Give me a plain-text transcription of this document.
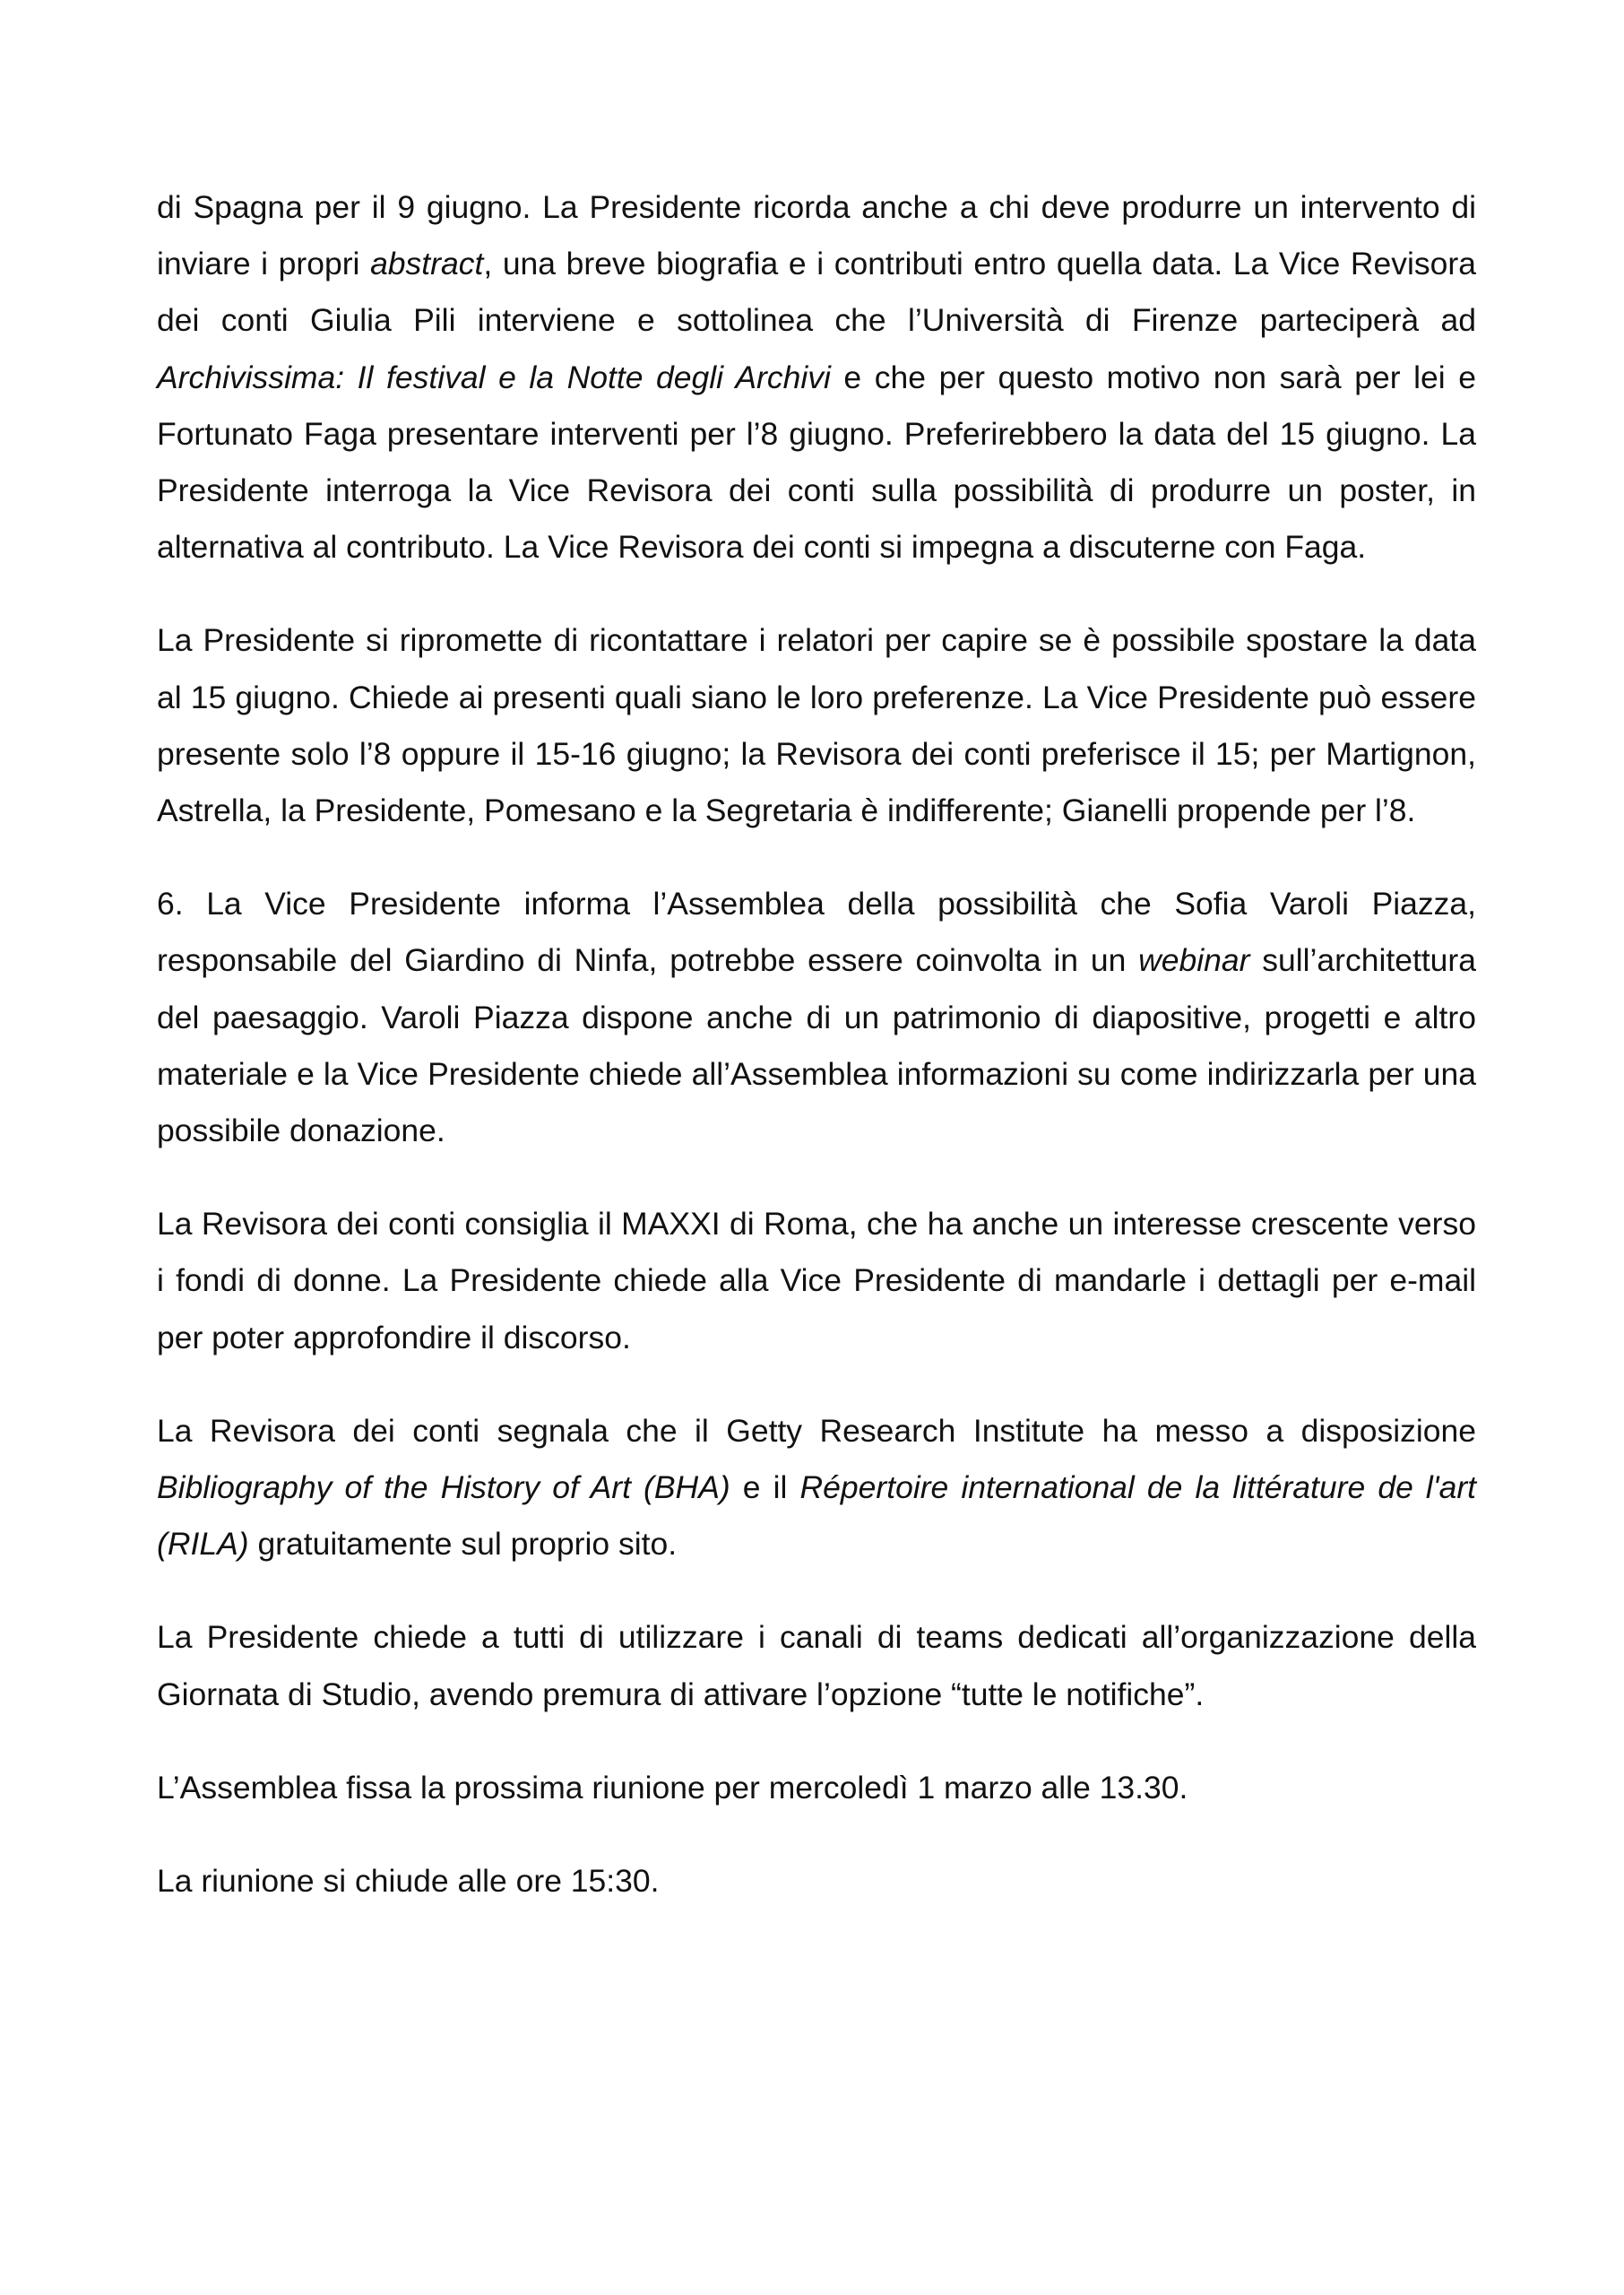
di Spagna per il 9 giugno. La Presidente ricorda anche a chi deve produrre un intervento di inviare i propri abstract, una breve biografia e i contributi entro quella data. La Vice Revisora dei conti Giulia Pili interviene e sottolinea che l’Università di Firenze parteciperà ad Archivissima: Il festival e la Notte degli Archivi e che per questo motivo non sarà per lei e Fortunato Faga presentare interventi per l’8 giugno. Preferirebbero la data del 15 giugno. La Presidente interroga la Vice Revisora dei conti sulla possibilità di produrre un poster, in alternativa al contributo. La Vice Revisora dei conti si impegna a discuterne con Faga.

La Presidente si ripromette di ricontattare i relatori per capire se è possibile spostare la data al 15 giugno. Chiede ai presenti quali siano le loro preferenze. La Vice Presidente può essere presente solo l’8 oppure il 15-16 giugno; la Revisora dei conti preferisce il 15; per Martignon, Astrella, la Presidente, Pomesano e la Segretaria è indifferente; Gianelli propende per l’8.

6. La Vice Presidente informa l’Assemblea della possibilità che Sofia Varoli Piazza, responsabile del Giardino di Ninfa, potrebbe essere coinvolta in un webinar sull’architettura del paesaggio. Varoli Piazza dispone anche di un patrimonio di diapositive, progetti e altro materiale e la Vice Presidente chiede all’Assemblea informazioni su come indirizzarla per una possibile donazione.

La Revisora dei conti consiglia il MAXXI di Roma, che ha anche un interesse crescente verso i fondi di donne. La Presidente chiede alla Vice Presidente di mandarle i dettagli per e-mail per poter approfondire il discorso.

La Revisora dei conti segnala che il Getty Research Institute ha messo a disposizione Bibliography of the History of Art (BHA) e il Répertoire international de la littérature de l'art (RILA) gratuitamente sul proprio sito.

La Presidente chiede a tutti di utilizzare i canali di teams dedicati all’organizzazione della Giornata di Studio, avendo premura di attivare l’opzione “tutte le notifiche”.

L’Assemblea fissa la prossima riunione per mercoledì 1 marzo alle 13.30.

La riunione si chiude alle ore 15:30.
